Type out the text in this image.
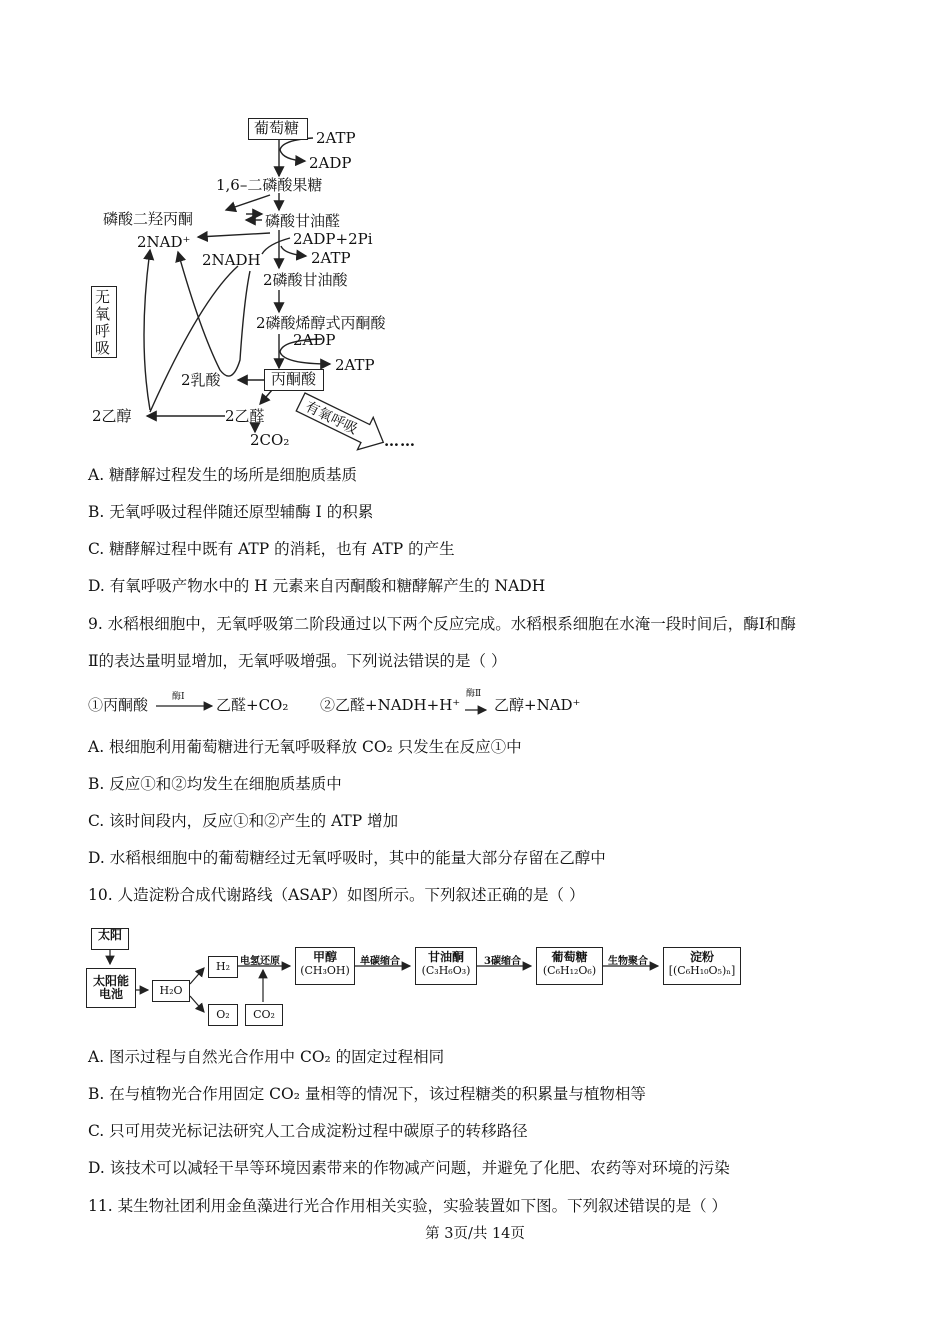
葡萄糖
2ATP
2ADP
1,6–二磷酸果糖
磷酸二羟丙酮	磷酸甘油醛
2NAD⁺	2ADP+2Pi
2NADH	2ATP
2磷酸甘油酸
2磷酸烯醇式丙酮酸
2ADP
2ATP
2乳酸	丙酮酸
2乙醇	2乙醛
2CO₂
无氧呼吸
有氧呼吸
……
A. 糖酵解过程发生的场所是细胞质基质
B. 无氧呼吸过程伴随还原型辅酶 I 的积累
C. 糖酵解过程中既有 ATP 的消耗，也有 ATP 的产生
D. 有氧呼吸产物水中的 H 元素来自丙酮酸和糖酵解产生的 NADH
9. 水稻根细胞中，无氧呼吸第二阶段通过以下两个反应完成。水稻根系细胞在水淹一段时间后，酶Ⅰ和酶
Ⅱ的表达量明显增加，无氧呼吸增强。下列说法错误的是（ ）
①丙酮酸	酶Ⅰ 乙醛+CO₂ ②乙醛+NADH+H⁺
酶Ⅱ
乙醇+NAD⁺
A. 根细胞利用葡萄糖进行无氧呼吸释放 CO₂ 只发生在反应①中
B. 反应①和②均发生在细胞质基质中
C. 该时间段内，反应①和②产生的 ATP 增加
D. 水稻根细胞中的葡萄糖经过无氧呼吸时，其中的能量大部分存留在乙醇中
10. 人造淀粉合成代谢路线（ASAP）如图所示。下列叙述正确的是（ ）
太阳
太阳能电池	H₂O
H₂
O₂	CO₂
电氢还原	甲醇
(CH₃OH)
单碳缩合	甘油酮
(C₃H₆O₃)
3碳缩合	葡萄糖
(C₆H₁₂O₆)
生物聚合	淀粉
[(C₆H₁₀O₅)ₙ]
A. 图示过程与自然光合作用中 CO₂ 的固定过程相同
B. 在与植物光合作用固定 CO₂ 量相等的情况下，该过程糖类的积累量与植物相等
C. 只可用荧光标记法研究人工合成淀粉过程中碳原子的转移路径
D. 该技术可以减轻干旱等环境因素带来的作物减产问题，并避免了化肥、农药等对环境的污染
11. 某生物社团利用金鱼藻进行光合作用相关实验，实验装置如下图。下列叙述错误的是（ ）
第 3页/共 14页
